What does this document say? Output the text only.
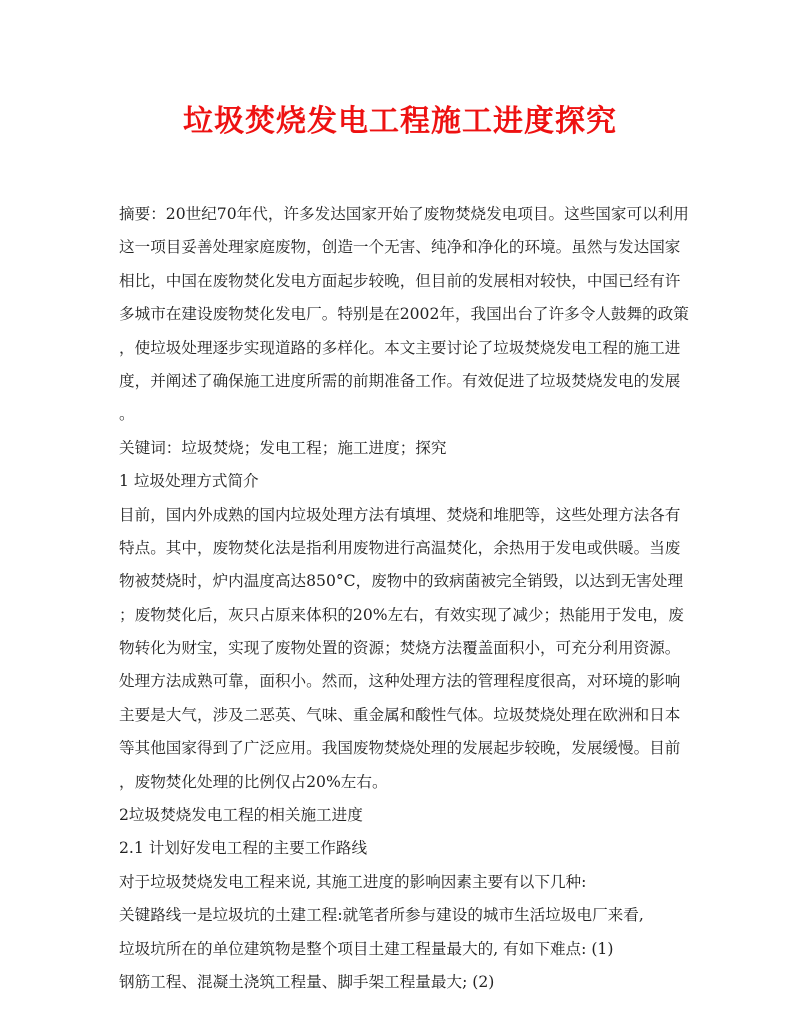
垃圾焚烧发电工程施工进度探究
摘要：20世纪70年代，许多发达国家开始了废物焚烧发电项目。这些国家可以利用
这一项目妥善处理家庭废物，创造一个无害、纯净和净化的环境。虽然与发达国家
相比，中国在废物焚化发电方面起步较晚，但目前的发展相对较快，中国已经有许
多城市在建设废物焚化发电厂。特别是在2002年，我国出台了许多令人鼓舞的政策
，使垃圾处理逐步实现道路的多样化。本文主要讨论了垃圾焚烧发电工程的施工进
度，并阐述了确保施工进度所需的前期准备工作。有效促进了垃圾焚烧发电的发展
。
关键词：垃圾焚烧；发电工程；施工进度；探究
1 垃圾处理方式简介
目前，国内外成熟的国内垃圾处理方法有填埋、焚烧和堆肥等，这些处理方法各有
特点。其中，废物焚化法是指利用废物进行高温焚化，余热用于发电或供暖。当废
物被焚烧时，炉内温度高达850°C，废物中的致病菌被完全销毁，以达到无害处理
；废物焚化后，灰只占原来体积的20%左右，有效实现了减少；热能用于发电，废
物转化为财宝，实现了废物处置的资源；焚烧方法覆盖面积小，可充分利用资源。
处理方法成熟可靠，面积小。然而，这种处理方法的管理程度很高，对环境的影响
主要是大气，涉及二恶英、气味、重金属和酸性气体。垃圾焚烧处理在欧洲和日本
等其他国家得到了广泛应用。我国废物焚烧处理的发展起步较晚，发展缓慢。目前
，废物焚化处理的比例仅占20%左右。
2垃圾焚烧发电工程的相关施工进度
2.1 计划好发电工程的主要工作路线
对于垃圾焚烧发电工程来说, 其施工进度的影响因素主要有以下几种:
关键路线一是垃圾坑的土建工程:就笔者所参与建设的城市生活垃圾电厂来看,
垃圾坑所在的单位建筑物是整个项目土建工程量最大的, 有如下难点: (1)
钢筋工程、混凝土浇筑工程量、脚手架工程量最大; (2)
